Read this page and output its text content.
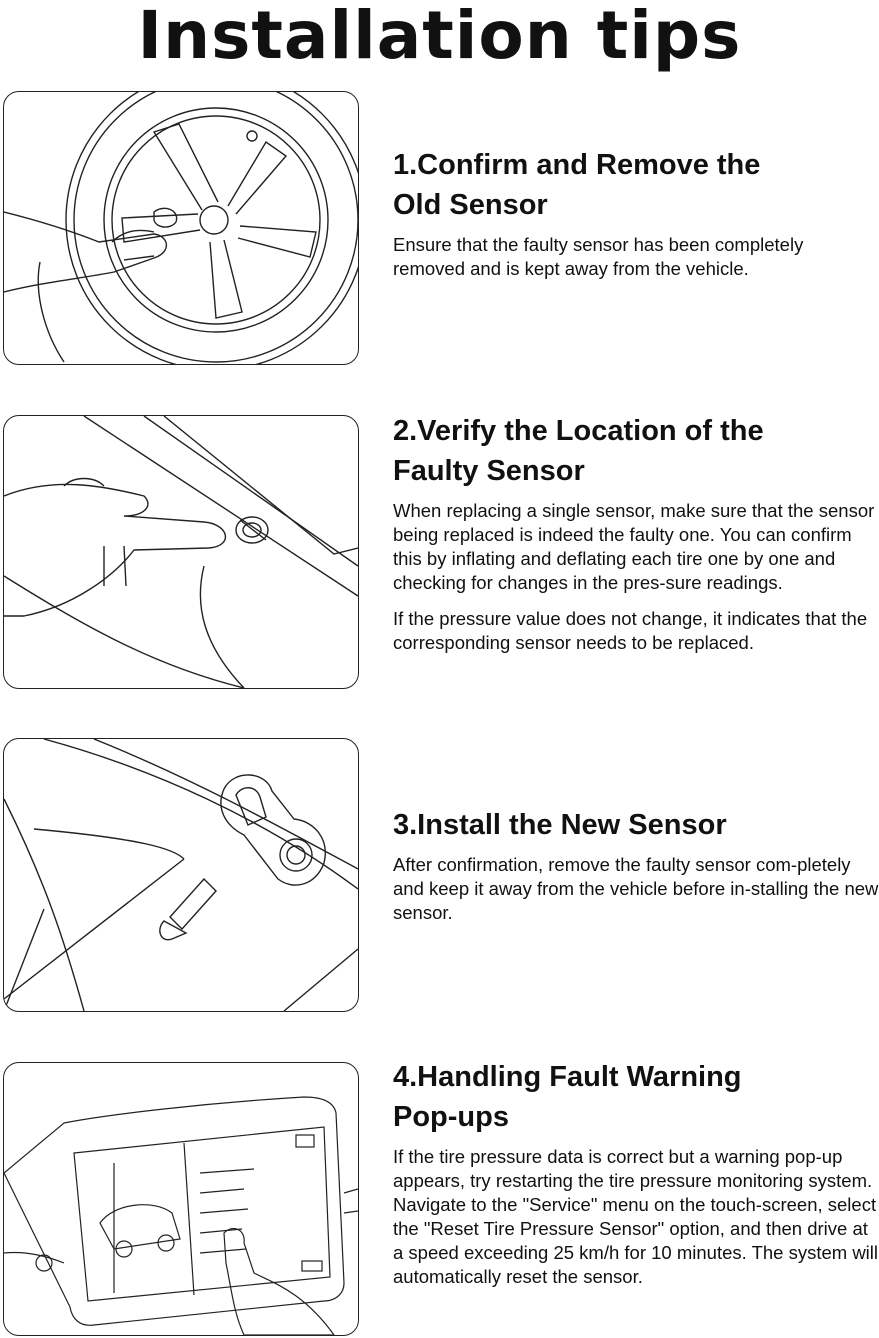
Installation tips
1.Confirm and Remove the
Old Sensor

Ensure that the faulty sensor has been completely removed and is kept away from the vehicle.

2.Verify the Location of the
Faulty Sensor

When replacing a single sensor, make sure that the sensor being replaced is indeed the faulty one. You can confirm this by inflating and deflating each tire one by one and checking for changes in the pres-sure readings.

If the pressure value does not change, it indicates that the corresponding sensor needs to be replaced.

3.Install the New Sensor

After confirmation, remove the faulty sensor com-pletely and keep it away from the vehicle before in-stalling the new sensor.

4.Handling Fault Warning
Pop-ups

If the tire pressure data is correct but a warning pop-up appears, try restarting the tire pressure monitoring system.
Navigate to the "Service" menu on the touch-screen, select the "Reset Tire Pressure Sensor" option, and then drive at a speed exceeding 25 km/h for 10 minutes. The system will automatically reset the sensor.
